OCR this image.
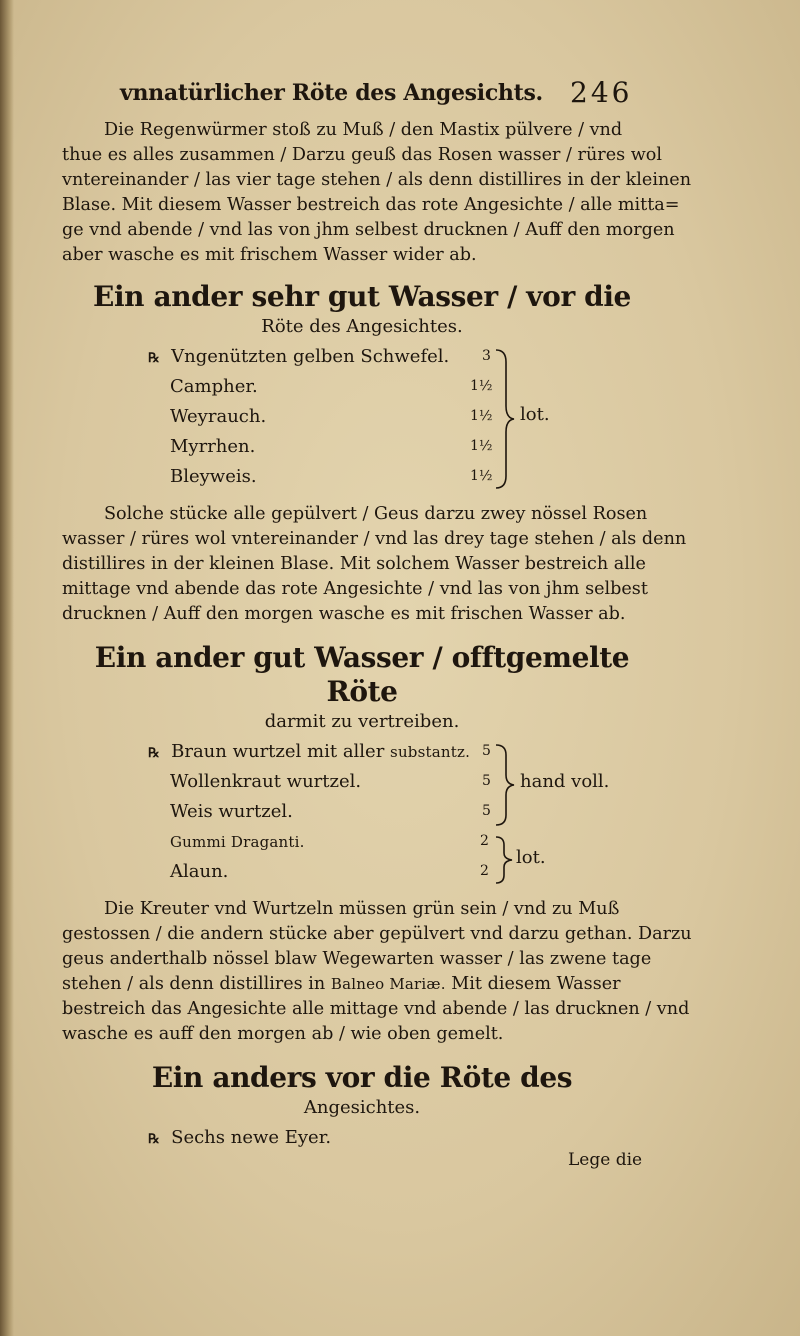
vnnatürlicher Röte des Angesichts. 246
Die Regenwürmer stoß zu Muß / den Mastix pülvere / vnd
thue es alles zusammen / Darzu geuß das Rosen wasser / rüres wol
vntereinander / las vier tage stehen / als denn distillires in der kleinen
Blase. Mit diesem Wasser bestreich das rote Angesichte / alle mitta=
ge vnd abende / vnd las von jhm selbest drucknen / Auff den morgen
aber wasche es mit frischem Wasser wider ab.
Ein ander sehr gut Wasser / vor die
Röte des Angesichtes.
℞ Vngenützten gelben Schwefel. 3
Campher.	1½
Weyrauch.	1½
Myrrhen.	1½
Bleyweis.	1½
lot.
Solche stücke alle gepülvert / Geus darzu zwey nössel Rosen
wasser / rüres wol vntereinander / vnd las drey tage stehen / als denn
distillires in der kleinen Blase. Mit solchem Wasser bestreich alle
mittage vnd abende das rote Angesichte / vnd las von jhm selbest
drucknen / Auff den morgen wasche es mit frischen Wasser ab.
Ein ander gut Wasser / offtgemelte Röte
darmit zu vertreiben.
℞ Braun wurtzel mit aller substantz. 5
Wollenkraut wurtzel.	5
Weis wurtzel.	5
Gummi Draganti.	2
Alaun.	2
hand voll.
lot.
Die Kreuter vnd Wurtzeln müssen grün sein / vnd zu Muß
gestossen / die andern stücke aber gepülvert vnd darzu gethan. Darzu
geus anderthalb nössel blaw Wegewarten wasser / las zwene tage
stehen / als denn distillires in Balneo Mariæ. Mit diesem Wasser
bestreich das Angesichte alle mittage vnd abende / las drucknen / vnd
wasche es auff den morgen ab / wie oben gemelt.
Ein anders vor die Röte des
Angesichtes.
℞ Sechs newe Eyer.
Lege die
